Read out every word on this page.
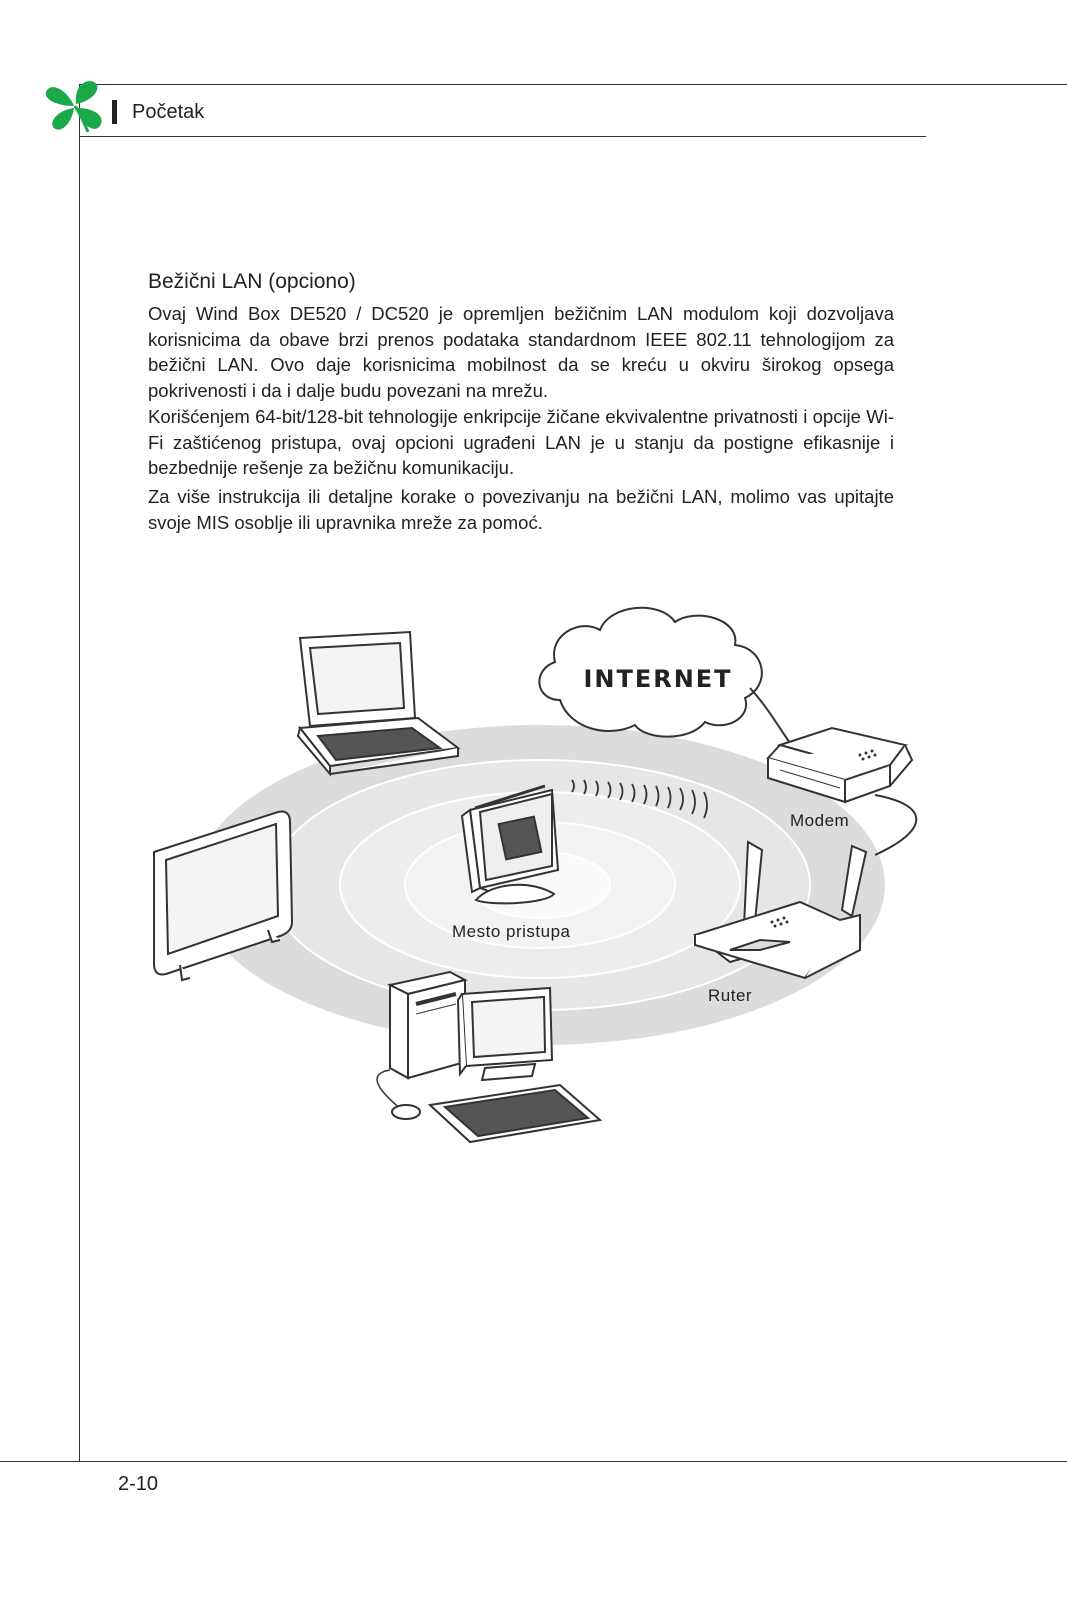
Početak
Bežični LAN (opciono)

Ovaj Wind Box DE520 / DC520 je opremljen bežičnim LAN modulom koji dozvoljava korisnicima da obave brzi prenos podataka standardnom IEEE 802.11 tehnologijom za bežični LAN. Ovo daje korisnicima mobilnost da se kreću u okviru širokog opsega pokrivenosti i da i dalje budu povezani na mrežu.

Korišćenjem 64-bit/128-bit tehnologije enkripcije žičane ekvivalentne privatnosti i opcije Wi-Fi zaštićenog pristupa, ovaj opcioni ugrađeni LAN je u stanju da postigne efikasnije i bezbednije rešenje za bežičnu komunikaciju.

Za više instrukcija ili detaljne korake o povezivanju na bežični LAN, molimo vas upitajte svoje MIS osoblje ili upravnika mreže za pomoć.

INTERNET
Modem
Ruter
Mesto pristupa
2-10
